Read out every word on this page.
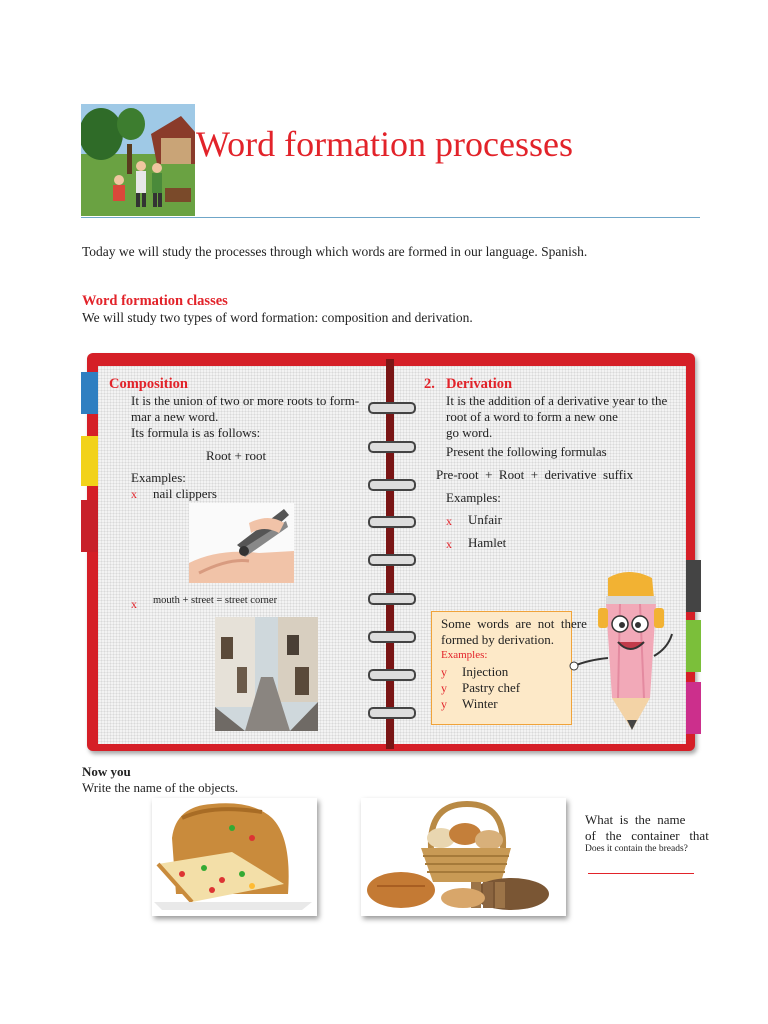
Word formation processes
Today we will study the processes through which words are formed in our language. Spanish.
Word formation classes
We will study two types of word formation: composition and derivation.
Composition
It is the union of two or more roots to form-
mar a new word.
Its formula is as follows:
Root + root
Examples:
x nail clippers
x mouth + street = street corner
2. Derivation
It is the addition of a derivative year to the
root of a word to form a new one
go word.
Present the following formulas
Pre-root  +  Root  +  derivative  suffix
Examples:
x Unfair
x Hamlet
Some  words  are  not  there
formed by derivation.
Examples:
y Injection
y Pastry chef
y Winter
Now you
Write the name of the objects.
What  is  the  name
of   the   container   that
Does it contain the breads?
